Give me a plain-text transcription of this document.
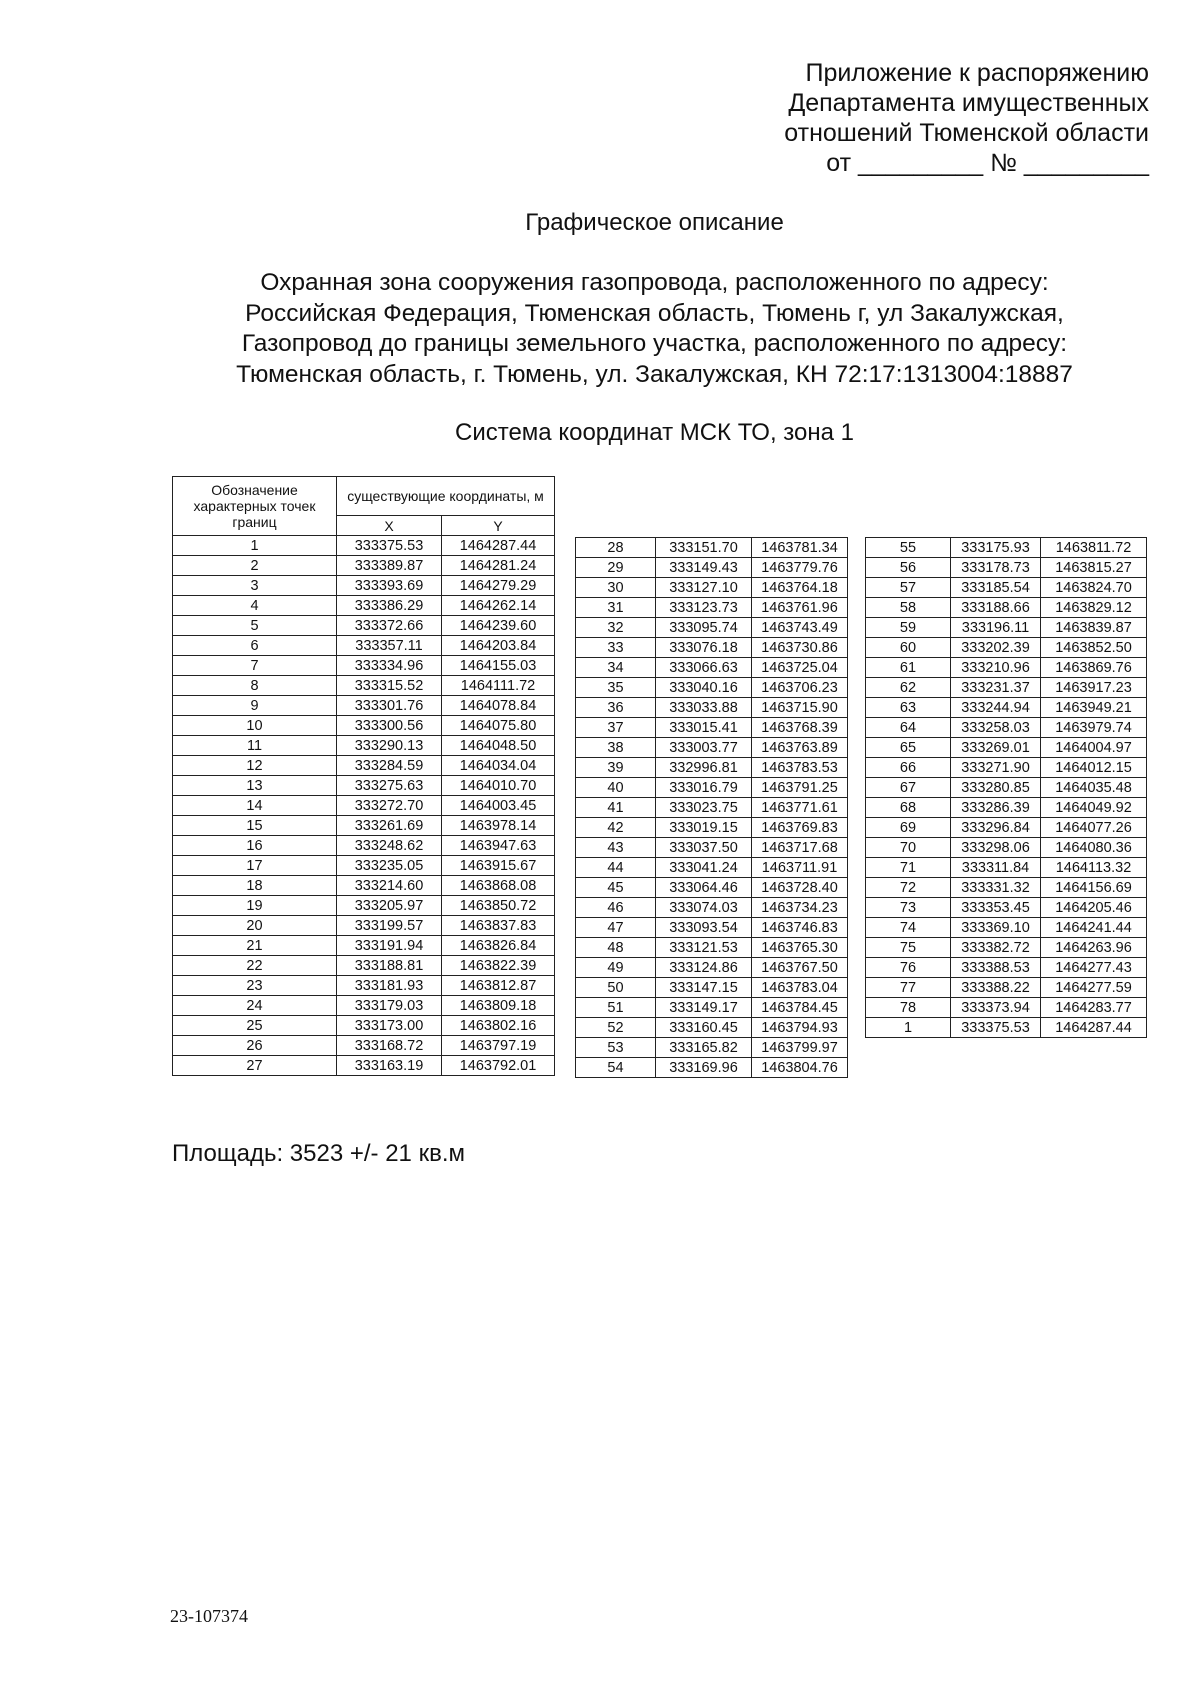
Приложение к распоряжению
Департамента имущественных
отношений Тюменской области
от _________ № _________
Графическое описание
Охранная зона сооружения газопровода, расположенного по адресу:
Российская Федерация, Тюменская область, Тюмень г, ул Закалужская,
Газопровод до границы земельного участка, расположенного по адресу:
Тюменская область, г. Тюмень, ул. Закалужская, КН 72:17:1313004:18887
Система координат МСК ТО, зона 1
Обозначение характерных точек границ	существующие координаты, м	
	X	Y
1	333375.53	1464287.44
2	333389.87	1464281.24
3	333393.69	1464279.29
4	333386.29	1464262.14
5	333372.66	1464239.60
6	333357.11	1464203.84
7	333334.96	1464155.03
8	333315.52	1464111.72
9	333301.76	1464078.84
10	333300.56	1464075.80
11	333290.13	1464048.50
12	333284.59	1464034.04
13	333275.63	1464010.70
14	333272.70	1464003.45
15	333261.69	1463978.14
16	333248.62	1463947.63
17	333235.05	1463915.67
18	333214.60	1463868.08
19	333205.97	1463850.72
20	333199.57	1463837.83
21	333191.94	1463826.84
22	333188.81	1463822.39
23	333181.93	1463812.87
24	333179.03	1463809.18
25	333173.00	1463802.16
26	333168.72	1463797.19
27	333163.19	1463792.01
28	333151.70	1463781.34
29	333149.43	1463779.76
30	333127.10	1463764.18
31	333123.73	1463761.96
32	333095.74	1463743.49
33	333076.18	1463730.86
34	333066.63	1463725.04
35	333040.16	1463706.23
36	333033.88	1463715.90
37	333015.41	1463768.39
38	333003.77	1463763.89
39	332996.81	1463783.53
40	333016.79	1463791.25
41	333023.75	1463771.61
42	333019.15	1463769.83
43	333037.50	1463717.68
44	333041.24	1463711.91
45	333064.46	1463728.40
46	333074.03	1463734.23
47	333093.54	1463746.83
48	333121.53	1463765.30
49	333124.86	1463767.50
50	333147.15	1463783.04
51	333149.17	1463784.45
52	333160.45	1463794.93
53	333165.82	1463799.97
54	333169.96	1463804.76
55	333175.93	1463811.72
56	333178.73	1463815.27
57	333185.54	1463824.70
58	333188.66	1463829.12
59	333196.11	1463839.87
60	333202.39	1463852.50
61	333210.96	1463869.76
62	333231.37	1463917.23
63	333244.94	1463949.21
64	333258.03	1463979.74
65	333269.01	1464004.97
66	333271.90	1464012.15
67	333280.85	1464035.48
68	333286.39	1464049.92
69	333296.84	1464077.26
70	333298.06	1464080.36
71	333311.84	1464113.32
72	333331.32	1464156.69
73	333353.45	1464205.46
74	333369.10	1464241.44
75	333382.72	1464263.96
76	333388.53	1464277.43
77	333388.22	1464277.59
78	333373.94	1464283.77
1	333375.53	1464287.44
Площадь: 3523 +/- 21 кв.м
23-107374
